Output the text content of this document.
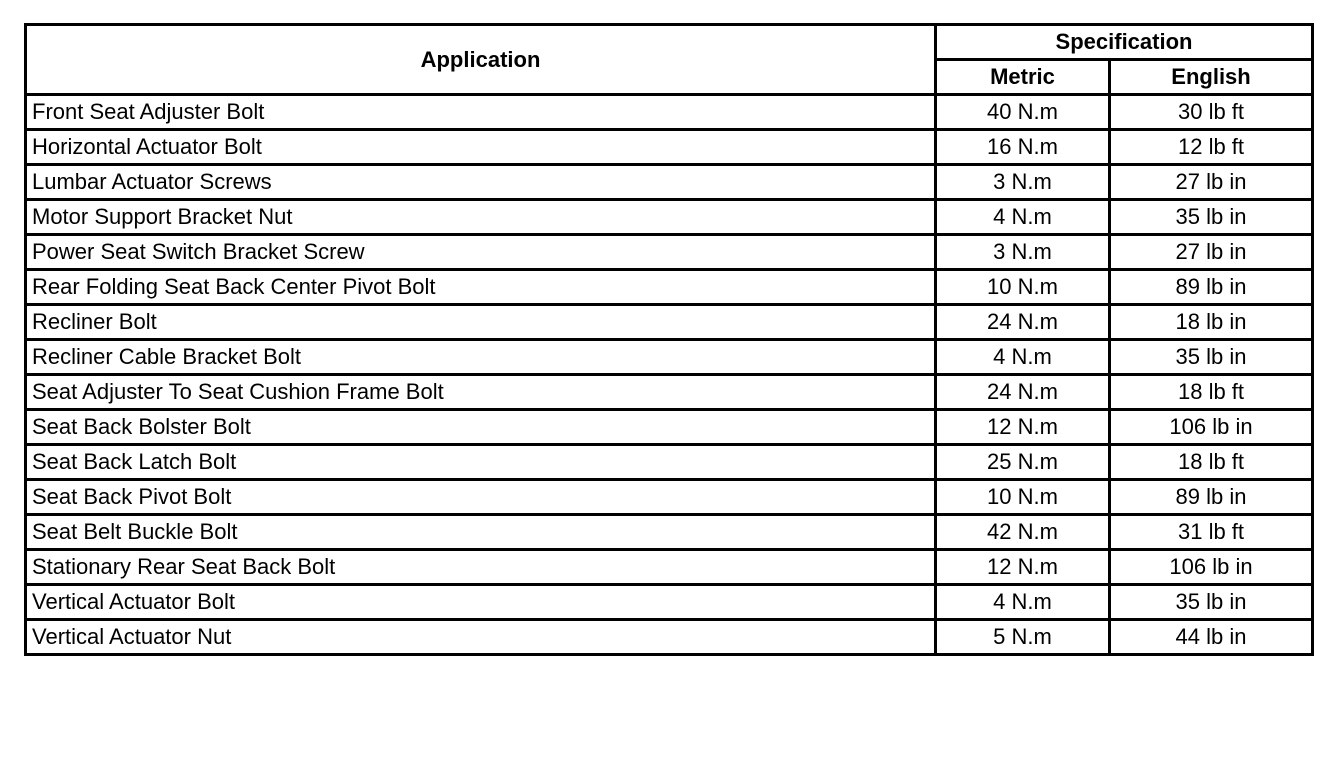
Application	Specification	
	Metric	English
Front Seat Adjuster Bolt	40 N.m	30 lb ft
Horizontal Actuator Bolt	16 N.m	12 lb ft
Lumbar Actuator Screws	3 N.m	27 lb in
Motor Support Bracket Nut	4 N.m	35 lb in
Power Seat Switch Bracket Screw	3 N.m	27 lb in
Rear Folding Seat Back Center Pivot Bolt	10 N.m	89 lb in
Recliner Bolt	24 N.m	18 lb in
Recliner Cable Bracket Bolt	4 N.m	35 lb in
Seat Adjuster To Seat Cushion Frame Bolt	24 N.m	18 lb ft
Seat Back Bolster Bolt	12 N.m	106 lb in
Seat Back Latch Bolt	25 N.m	18 lb ft
Seat Back Pivot Bolt	10 N.m	89 lb in
Seat Belt Buckle Bolt	42 N.m	31 lb ft
Stationary Rear Seat Back Bolt	12 N.m	106 lb in
Vertical Actuator Bolt	4 N.m	35 lb in
Vertical Actuator Nut	5 N.m	44 lb in
